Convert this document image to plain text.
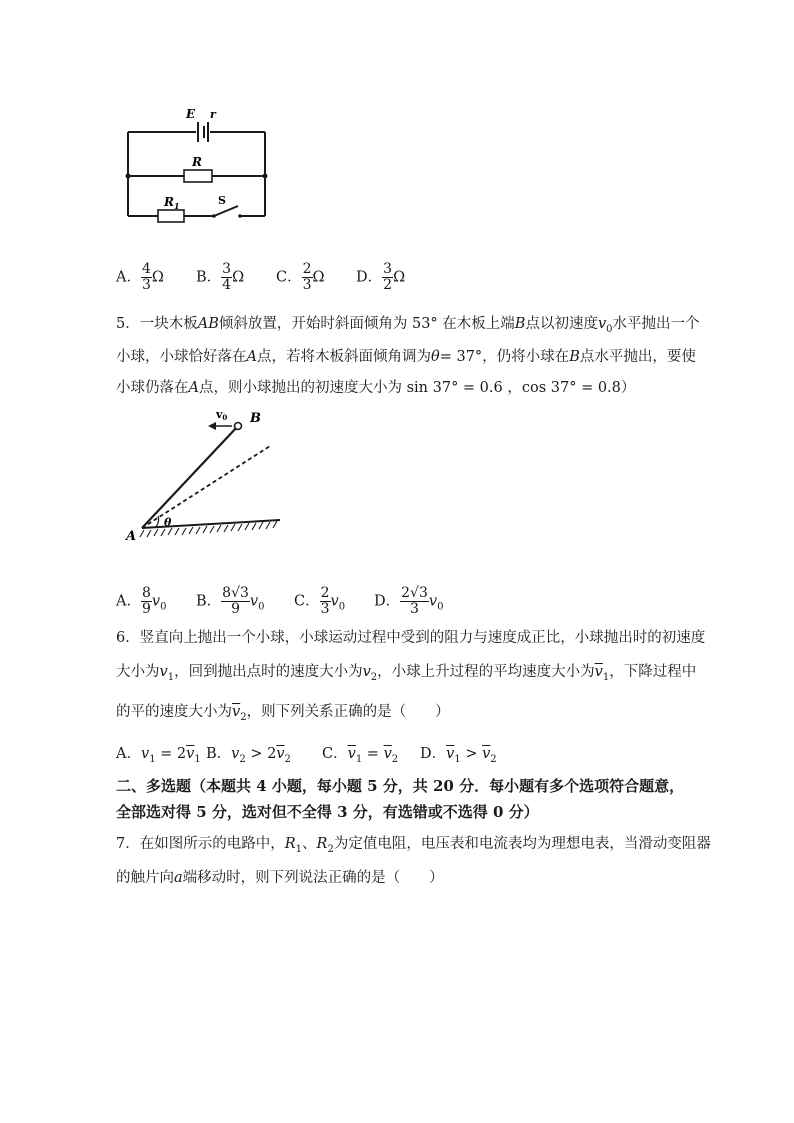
E r
R
$R_1$	S
A． $\frac{4}{3}$ Ω B． $\frac{3}{4}$ Ω C． $\frac{2}{3}$ Ω D． $\frac{3}{2}$ Ω
5．一块木板AB倾斜放置，开始时斜面倾角为 53° 在木板上端B点以初速度$v_0$水平抛出一个
小球，小球恰好落在A点，若将木板斜面倾角调为θ= 37°，仍将小球在B点水平抛出，要使
小球仍落在A点，则小球抛出的初速度大小为 sin 37° = 0.6 ，cos 37° = 0.8）
v0 B
A
θ
A． $\frac{8}{9} v_0$ B． $\frac{8√3}{9} v_0$ C． $\frac{2}{3} v_0$ D． $\frac{2√3}{3} v_0$
6．竖直向上抛出一个小球，小球运动过程中受到的阻力与速度成正比，小球抛出时的初速度
大小为$v_1$，回到抛出点时的速度大小为$v_2$，小球上升过程的平均速度大小为$\overline{v}_1$，下降过程中
的平的速度大小为$\overline{v}_2$，则下列关系正确的是（　　）
A．$v_1 = 2\overline{v}_1$ B．$v_2 > 2\overline{v}_2$ C．$\overline{v}_1 = \overline{v}_2$ D．$\overline{v}_1 > \overline{v}_2$
二、多选题（本题共 4 小题，每小题 5 分，共 20 分．每小题有多个选项符合题意，
全部选对得 5 分，选对但不全得 3 分，有选错或不选得 0 分）
7．在如图所示的电路中，$R_1$、$R_2$为定值电阻，电压表和电流表均为理想电表，当滑动变阻器
的触片向a端移动时，则下列说法正确的是（　　）
